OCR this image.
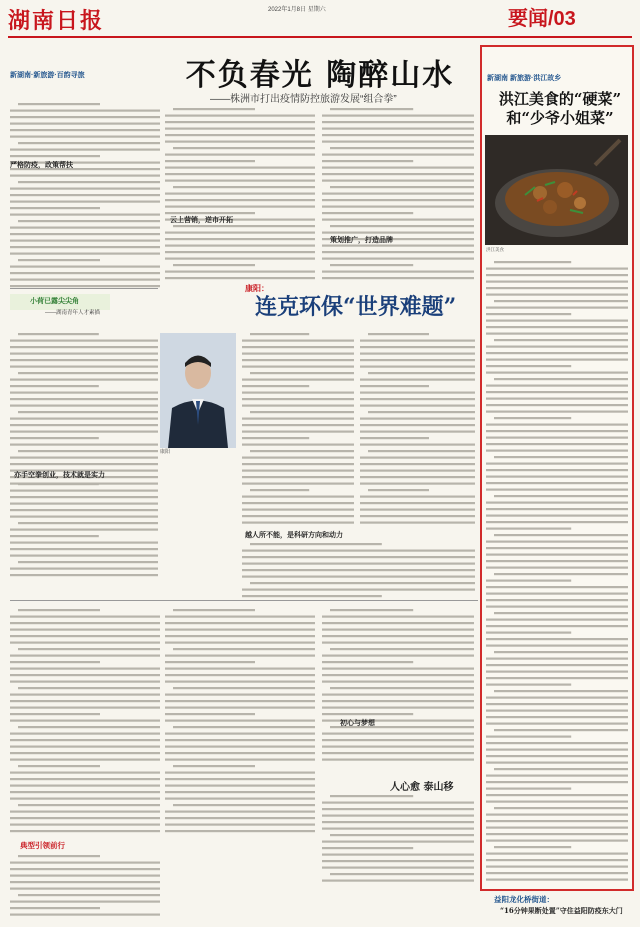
湖南日报	2022年1月8日 星期六	要闻/03
新湖南·新旅游·百韵寻旅	不负春光 陶醉山水
——株洲市打出疫情防控旅游发展“组合拳”
严格防疫，政策帮扶
云上营销，逆市开拓
策划推广，打造品牌
小荷已露尖尖角
——湖南青年人才素描
亦手空拳创业，技术就是实力
康阳：
连克环保“世界难题”
康阳
越人所不能，是科研方向和动力
初心与梦想
人心愈 泰山移
典型引领前行
新湖南 新旅游·洪江故乡
洪江美食的“硬菜”
和“少爷小姐菜”
洪江美食
益阳龙化桥街道：
“16分钟果断处置”守住益阳防疫东大门
